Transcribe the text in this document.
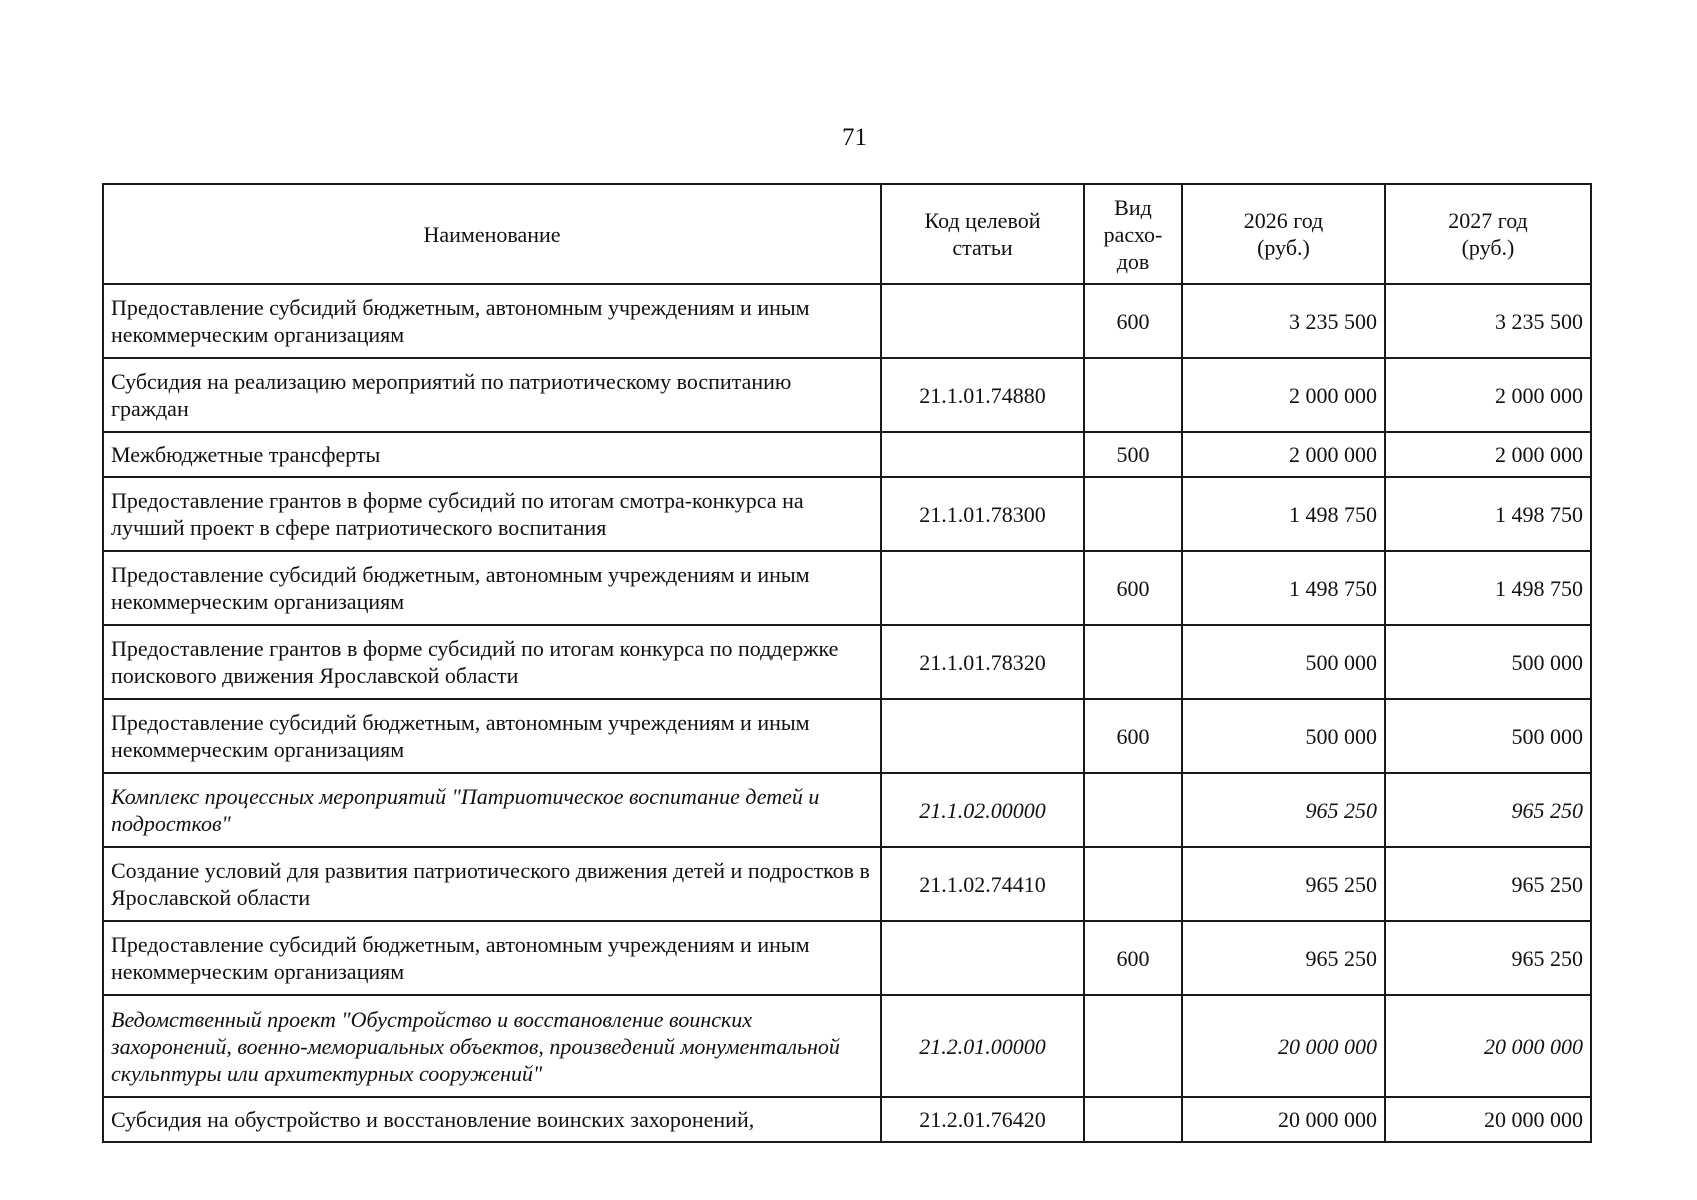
71
Наименование	Код целевой статьи	Вид расхо-дов	2026 год (руб.)	2027 год (руб.)
Предоставление субсидий бюджетным, автономным учреждениям и иным некоммерческим организациям		600	3 235 500	3 235 500
Субсидия на реализацию мероприятий по патриотическому воспитанию граждан	21.1.01.74880		2 000 000	2 000 000
Межбюджетные трансферты		500	2 000 000	2 000 000
Предоставление грантов в форме субсидий по итогам смотра-конкурса на лучший проект в сфере патриотического воспитания	21.1.01.78300		1 498 750	1 498 750
Предоставление субсидий бюджетным, автономным учреждениям и иным некоммерческим организациям		600	1 498 750	1 498 750
Предоставление грантов в форме субсидий по итогам конкурса по поддержке поискового движения Ярославской области	21.1.01.78320		500 000	500 000
Предоставление субсидий бюджетным, автономным учреждениям и иным некоммерческим организациям		600	500 000	500 000
Комплекс процессных мероприятий "Патриотическое воспитание детей и подростков"	21.1.02.00000		965 250	965 250
Создание условий для развития патриотического движения детей и подростков в Ярославской области	21.1.02.74410		965 250	965 250
Предоставление субсидий бюджетным, автономным учреждениям и иным некоммерческим организациям		600	965 250	965 250
Ведомственный проект "Обустройство и восстановление воинских захоронений, военно-мемориальных объектов, произведений монументальной скульптуры или архитектурных сооружений"	21.2.01.00000		20 000 000	20 000 000
Субсидия на обустройство и восстановление воинских захоронений,	21.2.01.76420		20 000 000	20 000 000
